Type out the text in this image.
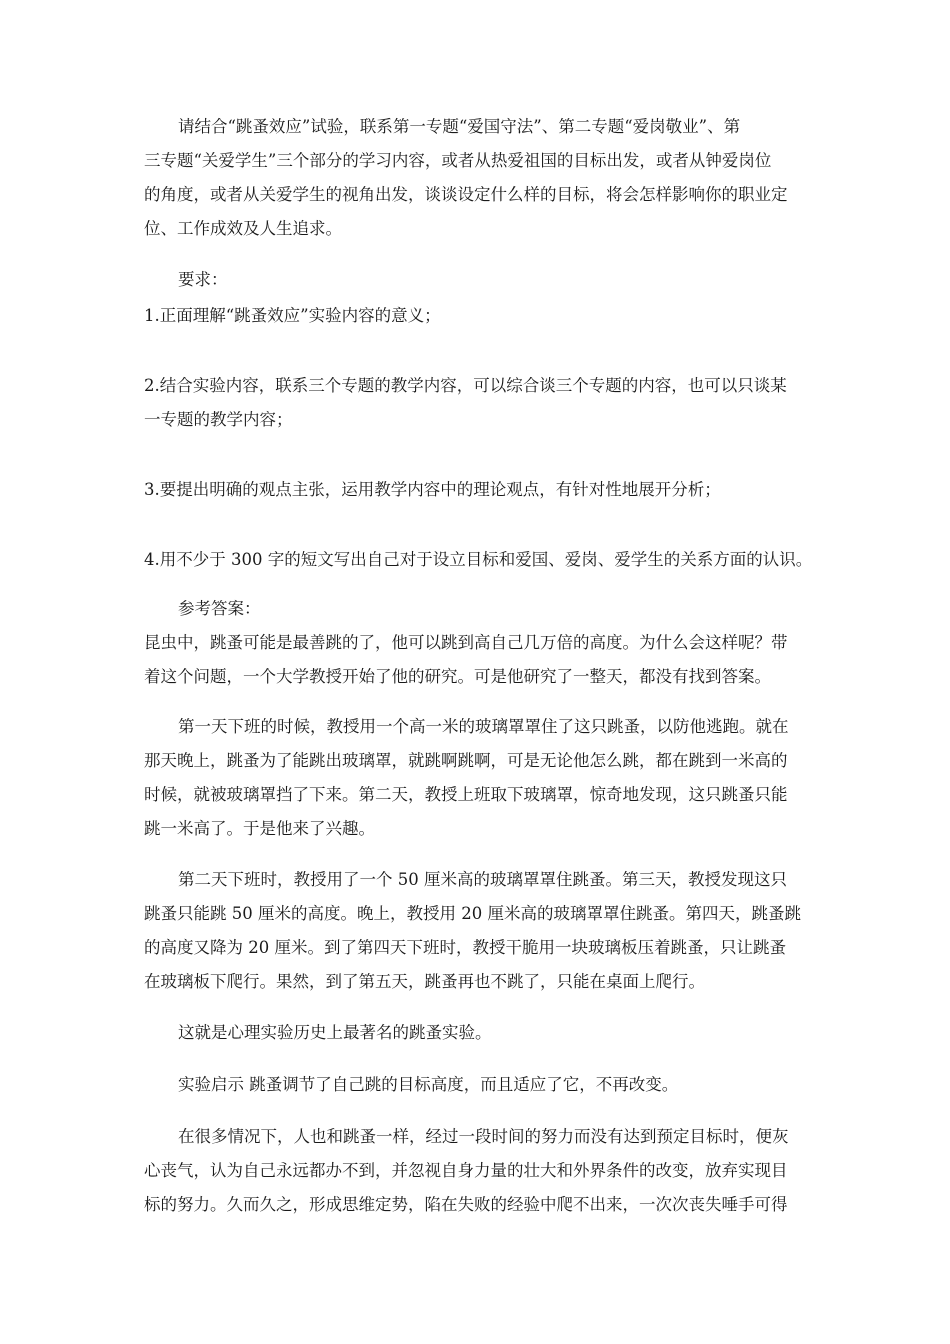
请结合“跳蚤效应”试验，联系第一专题“爱国守法”、第二专题“爱岗敬业”、第
三专题“关爱学生”三个部分的学习内容，或者从热爱祖国的目标出发，或者从钟爱岗位
的角度，或者从关爱学生的视角出发，谈谈设定什么样的目标，将会怎样影响你的职业定
位、工作成效及人生追求。
要求：
1.正面理解“跳蚤效应”实验内容的意义；
2.结合实验内容，联系三个专题的教学内容，可以综合谈三个专题的内容，也可以只谈某
一专题的教学内容；
3.要提出明确的观点主张，运用教学内容中的理论观点，有针对性地展开分析；
4.用不少于 300 字的短文写出自己对于设立目标和爱国、爱岗、爱学生的关系方面的认识。
参考答案：
昆虫中，跳蚤可能是最善跳的了，他可以跳到高自己几万倍的高度。为什么会这样呢？带
着这个问题，一个大学教授开始了他的研究。可是他研究了一整天，都没有找到答案。
第一天下班的时候，教授用一个高一米的玻璃罩罩住了这只跳蚤，以防他逃跑。就在
那天晚上，跳蚤为了能跳出玻璃罩，就跳啊跳啊，可是无论他怎么跳，都在跳到一米高的
时候，就被玻璃罩挡了下来。第二天，教授上班取下玻璃罩，惊奇地发现，这只跳蚤只能
跳一米高了。于是他来了兴趣。
第二天下班时，教授用了一个 50 厘米高的玻璃罩罩住跳蚤。第三天，教授发现这只
跳蚤只能跳 50 厘米的高度。晚上，教授用 20 厘米高的玻璃罩罩住跳蚤。第四天，跳蚤跳
的高度又降为 20 厘米。到了第四天下班时，教授干脆用一块玻璃板压着跳蚤，只让跳蚤
在玻璃板下爬行。果然，到了第五天，跳蚤再也不跳了，只能在桌面上爬行。
这就是心理实验历史上最著名的跳蚤实验。
实验启示 跳蚤调节了自己跳的目标高度，而且适应了它，不再改变。
在很多情况下，人也和跳蚤一样，经过一段时间的努力而没有达到预定目标时，便灰
心丧气，认为自己永远都办不到，并忽视自身力量的壮大和外界条件的改变，放弃实现目
标的努力。久而久之，形成思维定势，陷在失败的经验中爬不出来，一次次丧失唾手可得
